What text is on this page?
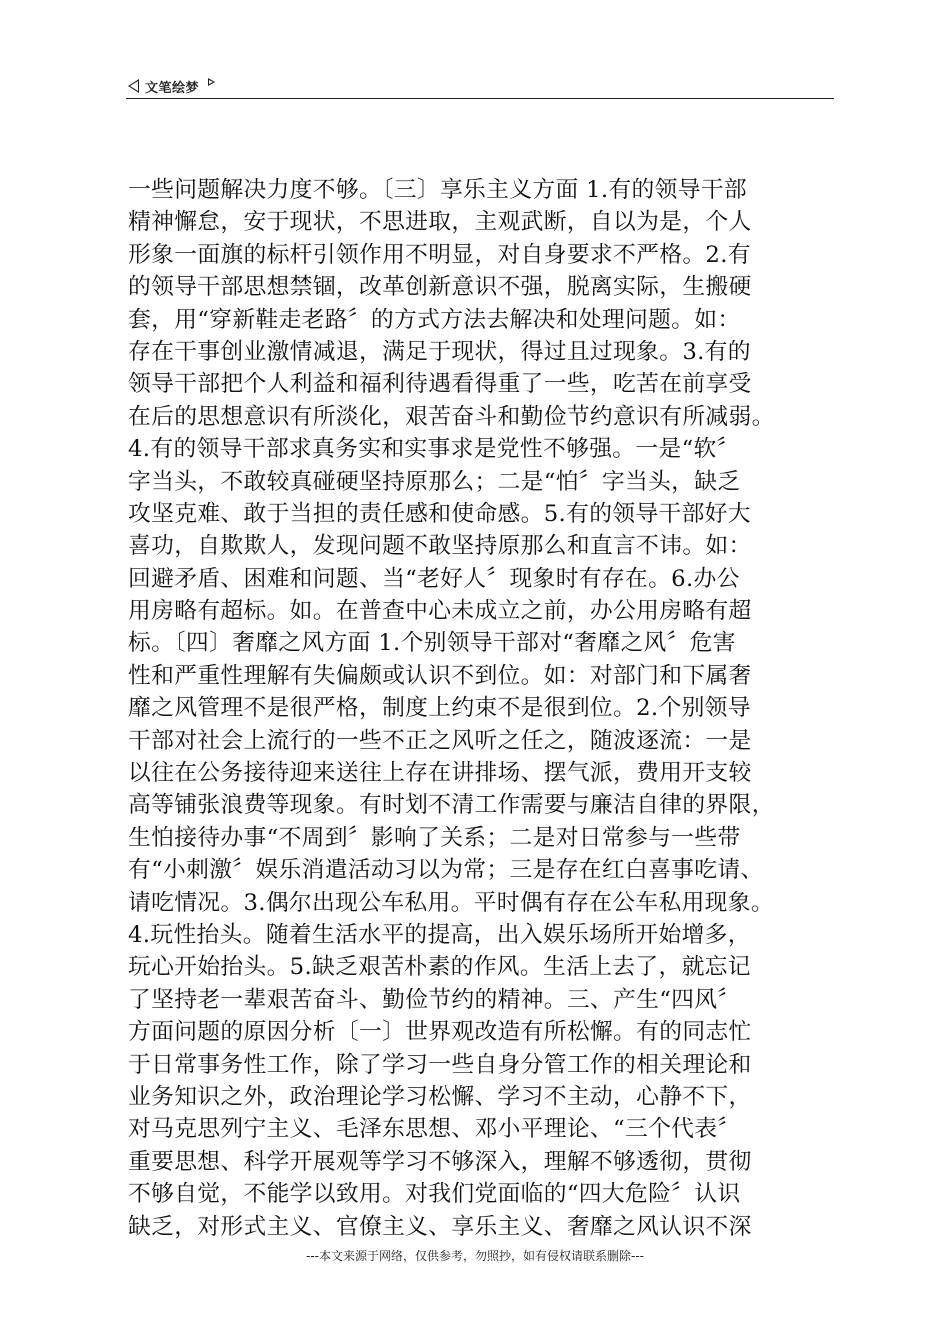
文笔绘梦
一些问题解决力度不够。〔三〕享乐主义方面 1.有的领导干部
精神懈怠，安于现状，不思进取，主观武断，自以为是，个人
形象一面旗的标杆引领作用不明显，对自身要求不严格。2.有
的领导干部思想禁锢，改革创新意识不强，脱离实际，生搬硬
套，用“穿新鞋走老路〞的方式方法去解决和处理问题。如：
存在干事创业激情减退，满足于现状，得过且过现象。3.有的
领导干部把个人利益和福利待遇看得重了一些，吃苦在前享受
在后的思想意识有所淡化，艰苦奋斗和勤俭节约意识有所减弱。
4.有的领导干部求真务实和实事求是党性不够强。一是“软〞
字当头，不敢较真碰硬坚持原那么；二是“怕〞字当头，缺乏
攻坚克难、敢于当担的责任感和使命感。5.有的领导干部好大
喜功，自欺欺人，发现问题不敢坚持原那么和直言不讳。如：
回避矛盾、困难和问题、当“老好人〞现象时有存在。6.办公
用房略有超标。如。在普查中心未成立之前，办公用房略有超
标。〔四〕奢靡之风方面 1.个别领导干部对“奢靡之风〞危害
性和严重性理解有失偏颇或认识不到位。如：对部门和下属奢
靡之风管理不是很严格，制度上约束不是很到位。2.个别领导
干部对社会上流行的一些不正之风听之任之，随波逐流：一是
以往在公务接待迎来送往上存在讲排场、摆气派，费用开支较
高等铺张浪费等现象。有时划不清工作需要与廉洁自律的界限，
生怕接待办事“不周到〞影响了关系；二是对日常参与一些带
有“小刺激〞娱乐消遣活动习以为常；三是存在红白喜事吃请、
请吃情况。3.偶尔出现公车私用。平时偶有存在公车私用现象。
4.玩性抬头。随着生活水平的提高，出入娱乐场所开始增多，
玩心开始抬头。5.缺乏艰苦朴素的作风。生活上去了，就忘记
了坚持老一辈艰苦奋斗、勤俭节约的精神。三、产生“四风〞
方面问题的原因分析〔一〕世界观改造有所松懈。有的同志忙
于日常事务性工作，除了学习一些自身分管工作的相关理论和
业务知识之外，政治理论学习松懈、学习不主动，心静不下，
对马克思列宁主义、毛泽东思想、邓小平理论、“三个代表〞
重要思想、科学开展观等学习不够深入，理解不够透彻，贯彻
不够自觉，不能学以致用。对我们党面临的“四大危险〞认识
缺乏，对形式主义、官僚主义、享乐主义、奢靡之风认识不深
---本文来源于网络，仅供参考，勿照抄，如有侵权请联系删除---
